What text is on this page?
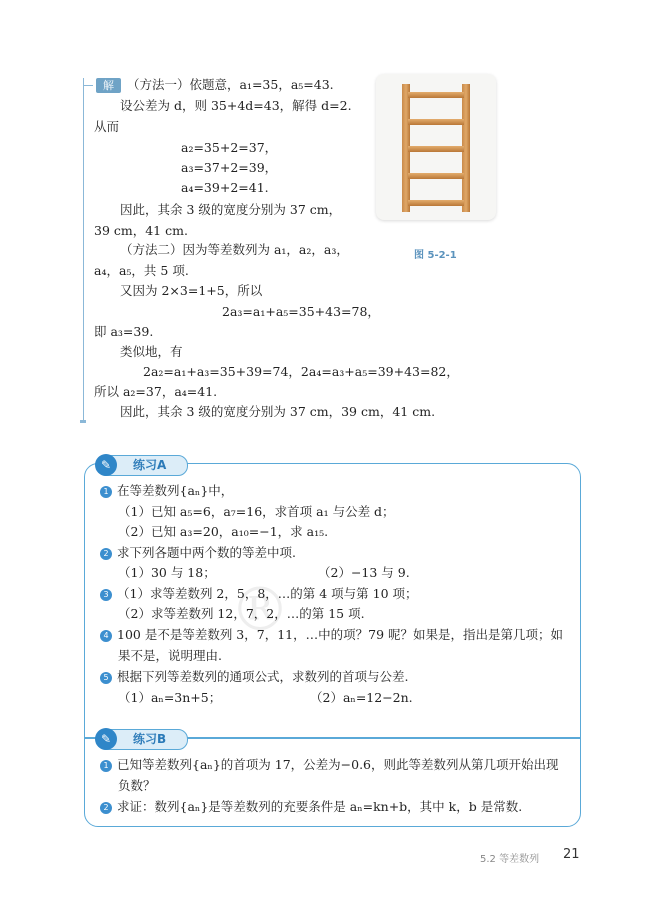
解 （方法一）依题意，a₁=35，a₅=43.
设公差为 d，则 35+4d=43，解得 d=2.
从而
a₂=35+2=37，
a₃=37+2=39，
a₄=39+2=41.
因此，其余 3 级的宽度分别为 37 cm，
39 cm，41 cm.
（方法二）因为等差数列为 a₁，a₂，a₃，
a₄，a₅，共 5 项.
又因为 2×3=1+5，所以
2a₃=a₁+a₅=35+43=78，
即 a₃=39.
类似地，有
2a₂=a₁+a₃=35+39=74，2a₄=a₃+a₅=39+43=82，
所以 a₂=37，a₄=41.
因此，其余 3 级的宽度分别为 37 cm，39 cm，41 cm.
图 5-2-1
®
✎	练习A
1 在等差数列{aₙ}中，
（1）已知 a₅=6，a₇=16，求首项 a₁ 与公差 d；
（2）已知 a₃=20，a₁₀=−1，求 a₁₅.
2 求下列各题中两个数的等差中项.
（1）30 与 18；	（2）−13 与 9.
3 （1）求等差数列 2，5，8，…的第 4 项与第 10 项；
（2）求等差数列 12，7，2，…的第 15 项.
4 100 是不是等差数列 3，7，11，…中的项？79 呢？如果是，指出是第几项；如
果不是，说明理由.
5 根据下列等差数列的通项公式，求数列的首项与公差.
（1）aₙ=3n+5；	（2）aₙ=12−2n.
✎	练习B
1 已知等差数列{aₙ}的首项为 17，公差为−0.6，则此等差数列从第几项开始出现
负数？
2 求证：数列{aₙ}是等差数列的充要条件是 aₙ=kn+b，其中 k，b 是常数.
5.2 等差数列 21
